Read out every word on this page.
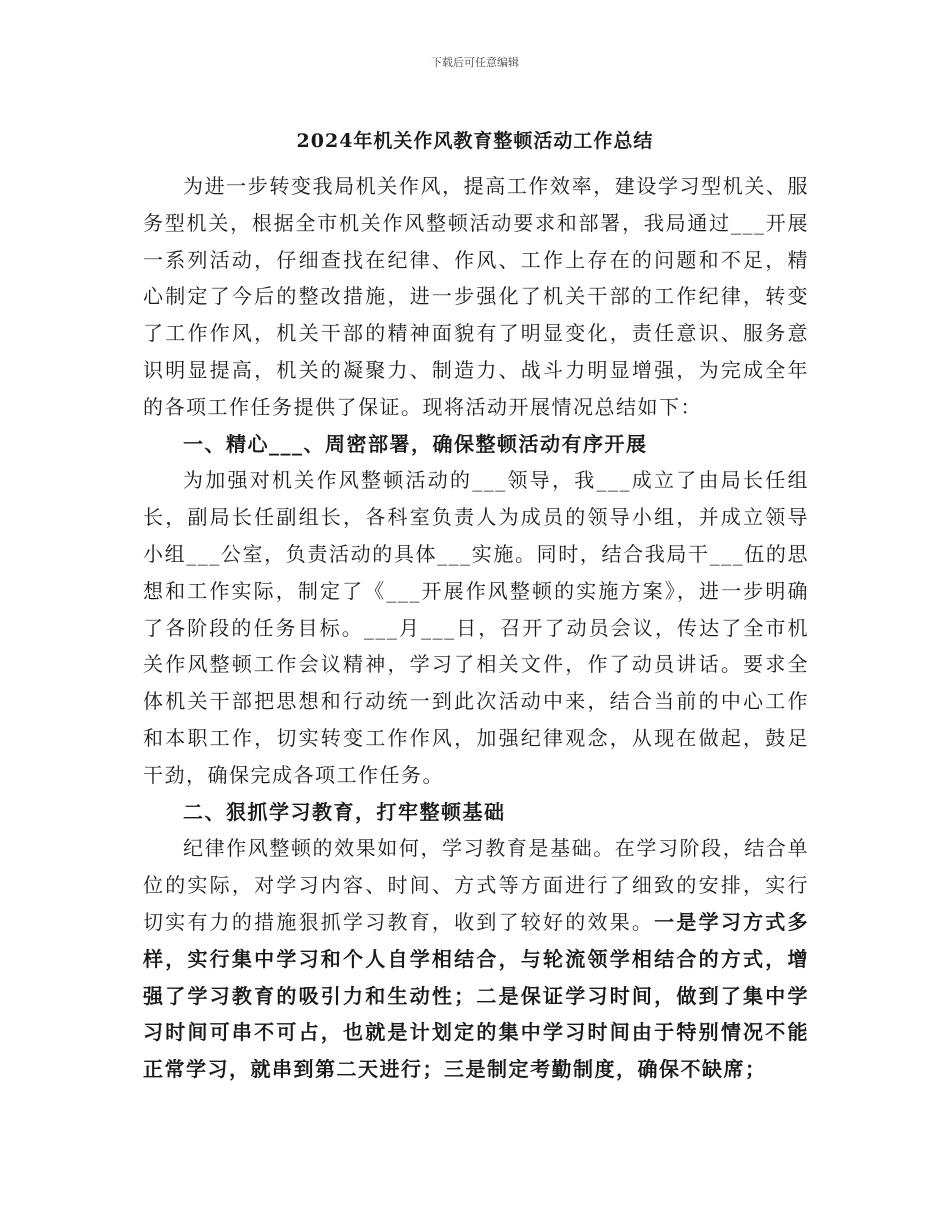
下载后可任意编辑
2024年机关作风教育整顿活动工作总结

为进一步转变我局机关作风，提高工作效率，建设学习型机关、服务型机关，根据全市机关作风整顿活动要求和部署，我局通过___开展一系列活动，仔细查找在纪律、作风、工作上存在的问题和不足，精心制定了今后的整改措施，进一步强化了机关干部的工作纪律，转变了工作作风，机关干部的精神面貌有了明显变化，责任意识、服务意识明显提高，机关的凝聚力、制造力、战斗力明显增强，为完成全年的各项工作任务提供了保证。现将活动开展情况总结如下：

一、精心___、周密部署，确保整顿活动有序开展

为加强对机关作风整顿活动的___领导，我___成立了由局长任组长，副局长任副组长，各科室负责人为成员的领导小组，并成立领导小组___公室，负责活动的具体___实施。同时，结合我局干___伍的思想和工作实际，制定了《___开展作风整顿的实施方案》，进一步明确了各阶段的任务目标。___月___日，召开了动员会议，传达了全市机关作风整顿工作会议精神，学习了相关文件，作了动员讲话。要求全体机关干部把思想和行动统一到此次活动中来，结合当前的中心工作和本职工作，切实转变工作作风，加强纪律观念，从现在做起，鼓足干劲，确保完成各项工作任务。

二、狠抓学习教育，打牢整顿基础

纪律作风整顿的效果如何，学习教育是基础。在学习阶段，结合单位的实际，对学习内容、时间、方式等方面进行了细致的安排，实行切实有力的措施狠抓学习教育，收到了较好的效果。一是学习方式多样，实行集中学习和个人自学相结合，与轮流领学相结合的方式，增强了学习教育的吸引力和生动性；二是保证学习时间，做到了集中学习时间可串不可占，也就是计划定的集中学习时间由于特别情况不能正常学习，就串到第二天进行；三是制定考勤制度，确保不缺席；
